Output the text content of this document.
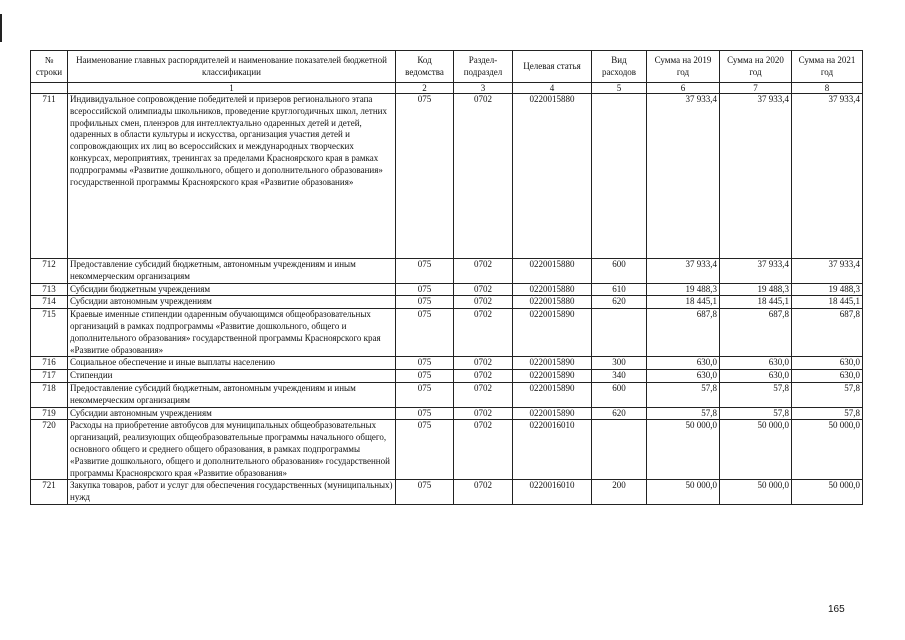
№ строки	Наименование главных распорядителей и наименование показателей бюджетной классификации	Код ведомства	Раздел-подраздел	Целевая статья	Вид расходов	Сумма на 2019 год	Сумма на 2020 год	Сумма на 2021 год
	1	2	3	4	5	6	7	8
711	Индивидуальное сопровождение победителей и призеров регионального этапа всероссийской олимпиады школьников, проведение круглогодичных школ, летних профильных смен, пленэров для интеллектуально одаренных детей и детей, одаренных в области культуры и искусства, организация участия детей и сопровождающих их лиц во всероссийских и международных творческих конкурсах, мероприятиях, тренингах за пределами Красноярского края в рамках подпрограммы «Развитие дошкольного, общего и дополнительного образования» государственной программы Красноярского края «Развитие образования»	075	0702	0220015880		37 933,4	37 933,4	37 933,4
712	Предоставление субсидий бюджетным, автономным учреждениям и иным некоммерческим организациям	075	0702	0220015880	600	37 933,4	37 933,4	37 933,4
713	Субсидии бюджетным учреждениям	075	0702	0220015880	610	19 488,3	19 488,3	19 488,3
714	Субсидии автономным учреждениям	075	0702	0220015880	620	18 445,1	18 445,1	18 445,1
715	Краевые именные стипендии одаренным обучающимся общеобразовательных организаций в рамках подпрограммы «Развитие дошкольного, общего и дополнительного образования» государственной программы Красноярского края «Развитие образования»	075	0702	0220015890		687,8	687,8	687,8
716	Социальное обеспечение и иные выплаты населению	075	0702	0220015890	300	630,0	630,0	630,0
717	Стипендии	075	0702	0220015890	340	630,0	630,0	630,0
718	Предоставление субсидий бюджетным, автономным учреждениям и иным некоммерческим организациям	075	0702	0220015890	600	57,8	57,8	57,8
719	Субсидии автономным учреждениям	075	0702	0220015890	620	57,8	57,8	57,8
720	Расходы на приобретение автобусов для муниципальных общеобразовательных организаций, реализующих общеобразовательные программы начального общего, основного общего и среднего общего образования, в рамках подпрограммы «Развитие дошкольного, общего и дополнительного образования» государственной программы Красноярского края «Развитие образования»	075	0702	0220016010		50 000,0	50 000,0	50 000,0
721	Закупка товаров, работ и услуг для обеспечения государственных (муниципальных) нужд	075	0702	0220016010	200	50 000,0	50 000,0	50 000,0
165
